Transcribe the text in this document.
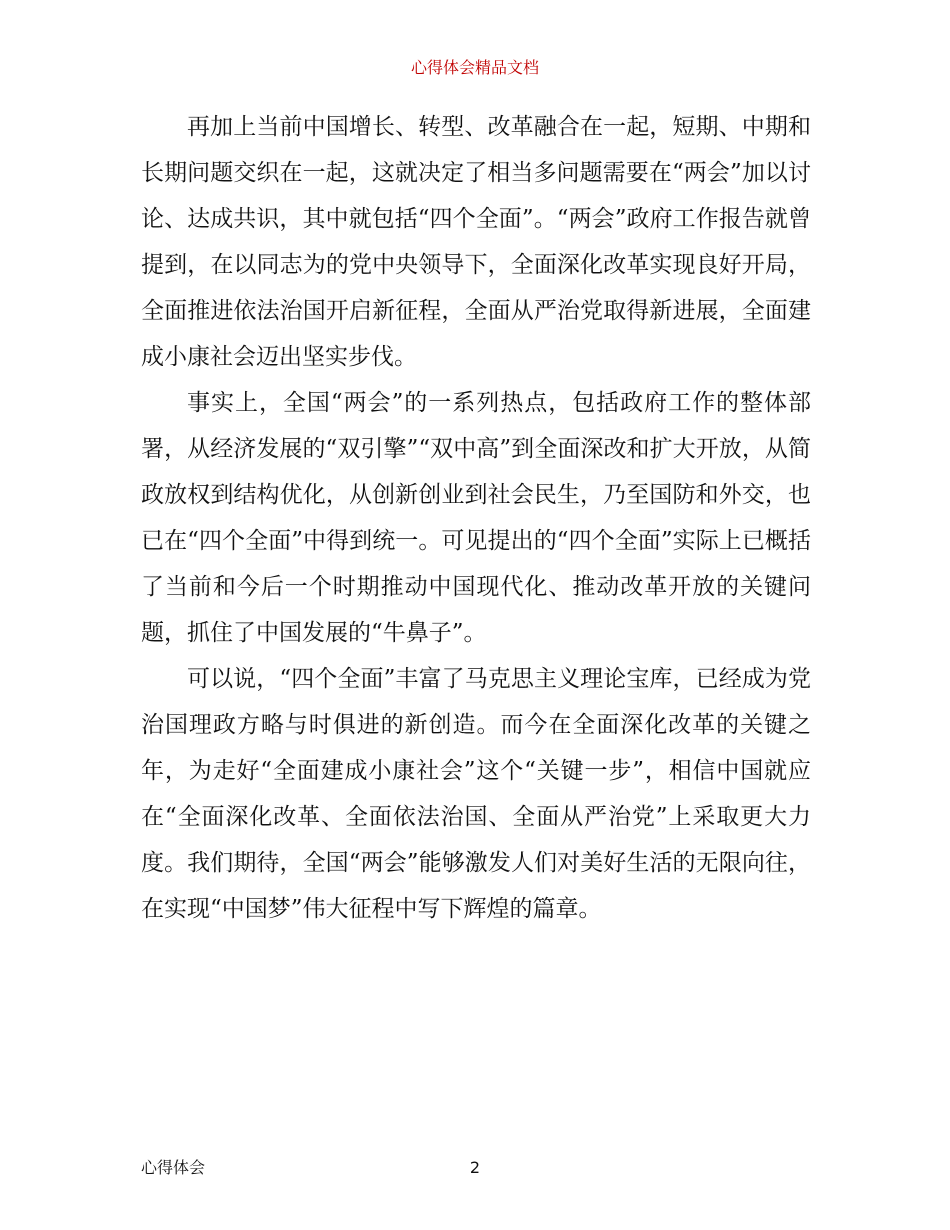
心得体会精品文档

再加上当前中国增长、转型、改革融合在一起，短期、中期和长期问题交织在一起，这就决定了相当多问题需要在“两会”加以讨论、达成共识，其中就包括“四个全面”。“两会”政府工作报告就曾提到，在以同志为的党中央领导下，全面深化改革实现良好开局，全面推进依法治国开启新征程，全面从严治党取得新进展，全面建成小康社会迈出坚实步伐。

事实上，全国“两会”的一系列热点，包括政府工作的整体部署，从经济发展的“双引擎”“双中高”到全面深改和扩大开放，从简政放权到结构优化，从创新创业到社会民生，乃至国防和外交，也已在“四个全面”中得到统一。可见提出的“四个全面”实际上已概括了当前和今后一个时期推动中国现代化、推动改革开放的关键问题，抓住了中国发展的“牛鼻子”。

可以说，“四个全面”丰富了马克思主义理论宝库，已经成为党治国理政方略与时俱进的新创造。而今在全面深化改革的关键之年，为走好“全面建成小康社会”这个“关键一步”，相信中国就应在“全面深化改革、全面依法治国、全面从严治党”上采取更大力度。我们期待，全国“两会”能够激发人们对美好生活的无限向往，在实现“中国梦”伟大征程中写下辉煌的篇章。

心得体会	2
